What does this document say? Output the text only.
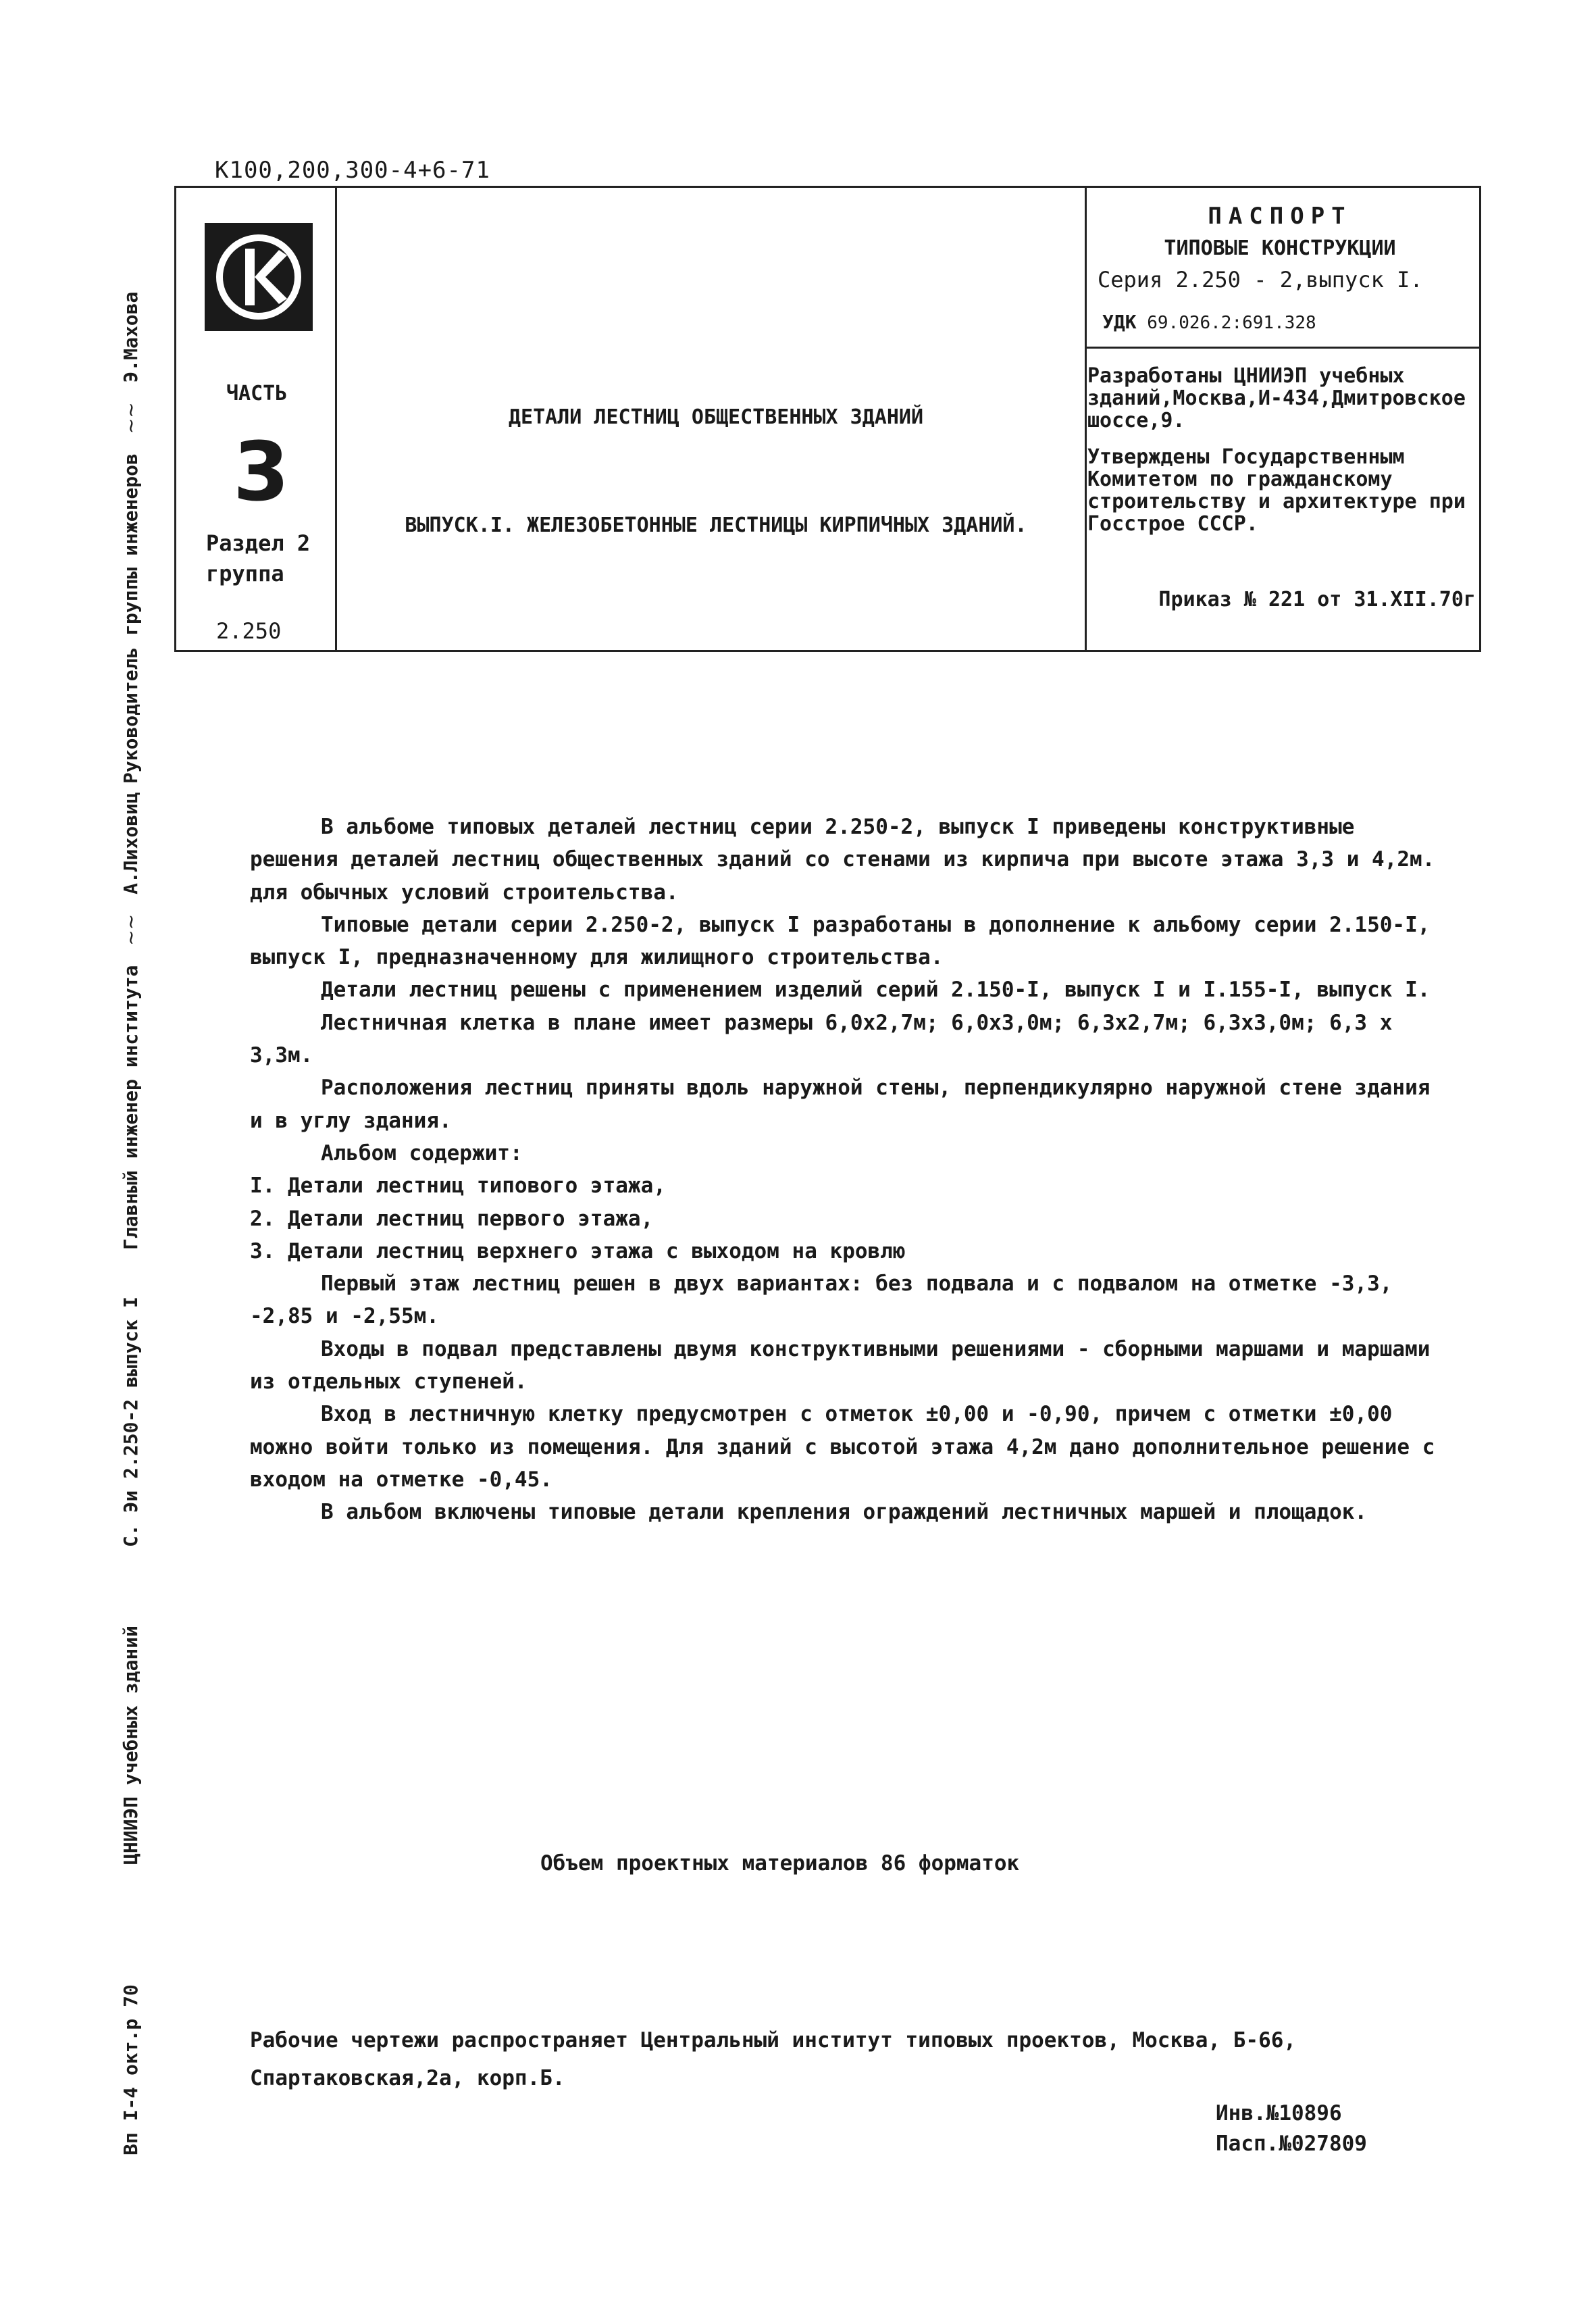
К100,200,300-4+6-71
ЧАСТЬ
3
Раздел 2
группа
2.250
ДЕТАЛИ ЛЕСТНИЦ ОБЩЕСТВЕННЫХ ЗДАНИЙ
ВЫПУСК.I. ЖЕЛЕЗОБЕТОННЫЕ ЛЕСТНИЦЫ КИРПИЧНЫХ ЗДАНИЙ.
ПАСПОРТ
ТИПОВЫЕ КОНСТРУКЦИИ
Серия 2.250 - 2,выпуск I.
УДК 69.026.2:691.328
Разработаны ЦНИИЭП учебных зданий,Москва,И-434,Дмитровское шоссе,9.
Утверждены Государственным Комитетом по гражданскому строительству и архитектуре при Госстрое СССР.
Приказ № 221 от 31.XII.70г
Руководитель группы инженеров ~~ Э.Махова
Главный инженер института ~~ А.Лиховиц
С. Эи 2.250-2 выпуск I
ЦНИИЭП учебных зданий
Вп I-4 окт.р 70

В альбоме типовых деталей лестниц серии 2.250-2, выпуск I приведены конструктивные решения деталей лестниц общественных зданий со стенами из кирпича при высоте этажа 3,3 и 4,2м. для обычных условий строительства.

Типовые детали серии 2.250-2, выпуск I разработаны в дополнение к альбому серии 2.150-I, выпуск I, предназначенному для жилищного строительства.

Детали лестниц решены с применением изделий серий 2.150-I, выпуск I и I.155-I, выпуск I.

Лестничная клетка в плане имеет размеры 6,0х2,7м; 6,0х3,0м; 6,3х2,7м; 6,3х3,0м; 6,3 х 3,3м.

Расположения лестниц приняты вдоль наружной стены, перпендикулярно наружной стене здания и в углу здания.

Альбом содержит:

I. Детали лестниц типового этажа,

2. Детали лестниц первого этажа,

3. Детали лестниц верхнего этажа с выходом на кровлю

Первый этаж лестниц решен в двух вариантах: без подвала и с подвалом на отметке -3,3, -2,85 и -2,55м.

Входы в подвал представлены двумя конструктивными решениями - сборными маршами и маршами из отдельных ступеней.

Вход в лестничную клетку предусмотрен с отметок ±0,00 и -0,90, причем с отметки ±0,00 можно войти только из помещения. Для зданий с высотой этажа 4,2м дано дополнительное решение с входом на отметке -0,45.

В альбом включены типовые детали крепления ограждений лестничных маршей и площадок.

Объем проектных материалов 86 форматок
Рабочие чертежи распространяет Центральный институт типовых проектов, Москва, Б-66, Спартаковская,2а, корп.Б.
Инв.№10896
Пасп.№027809
